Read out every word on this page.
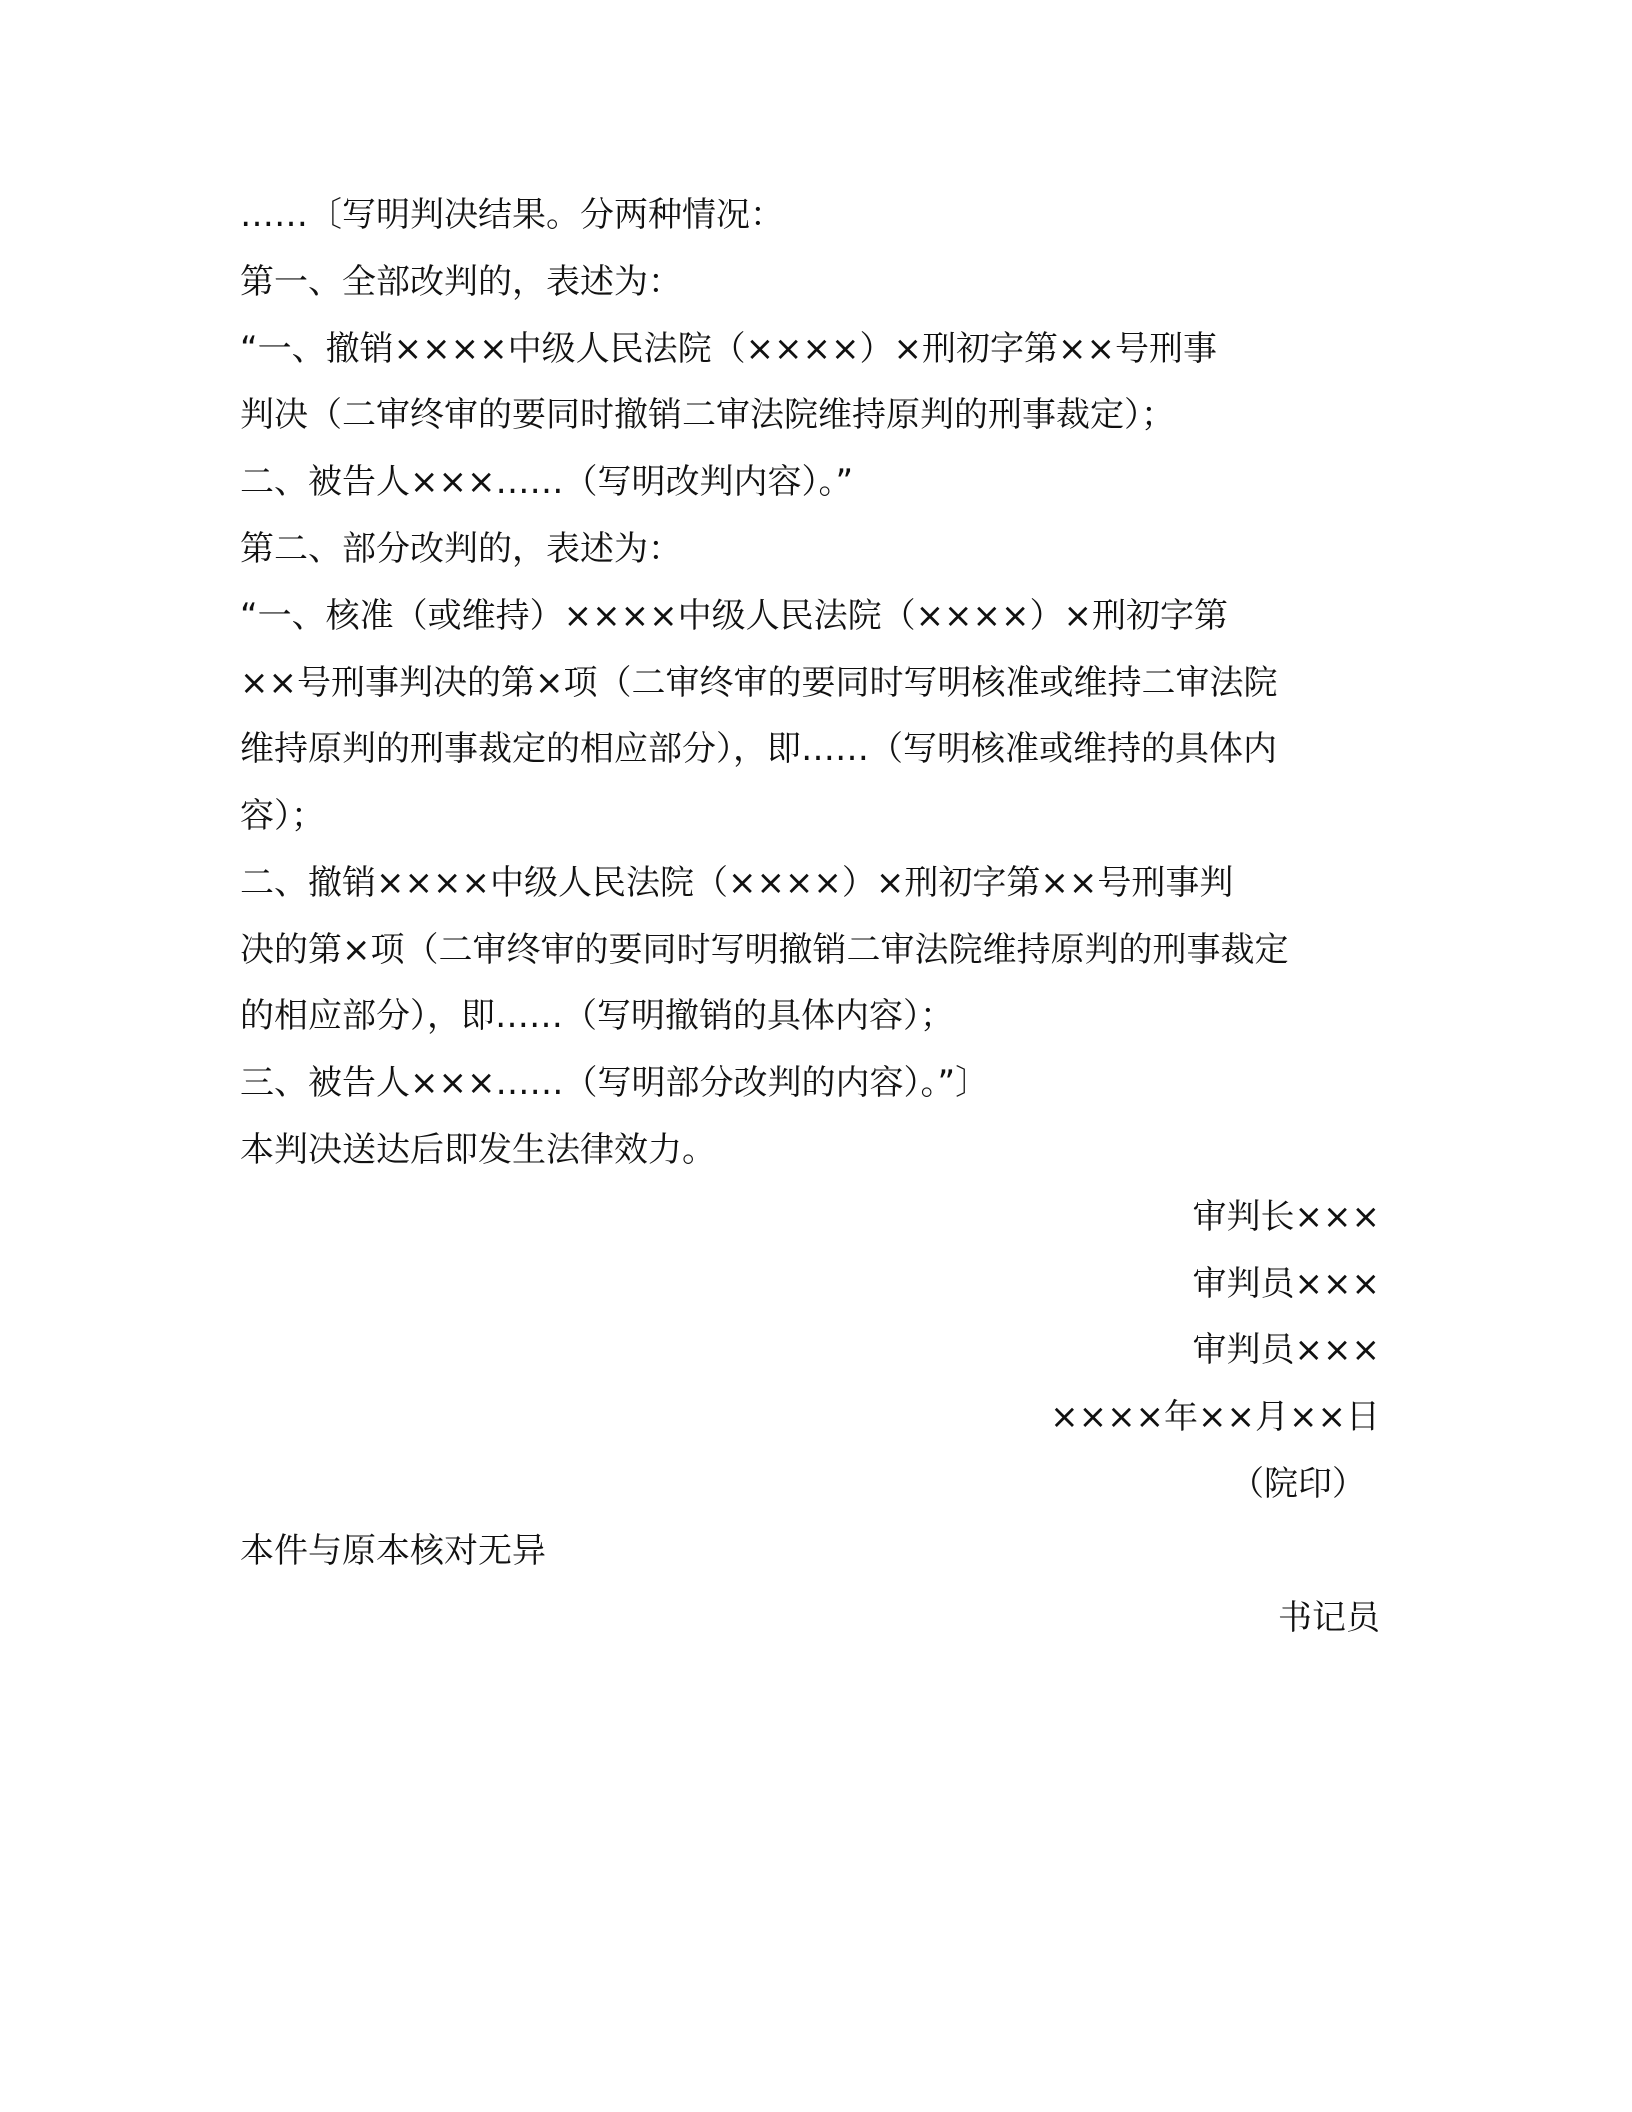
……〔写明判决结果。分两种情况：
第一、全部改判的，表述为：
“一、撤销××××中级人民法院（××××）×刑初字第××号刑事
判决（二审终审的要同时撤销二审法院维持原判的刑事裁定）；
二、被告人×××……（写明改判内容）。”
第二、部分改判的，表述为：
“一、核准（或维持）××××中级人民法院（××××）×刑初字第
××号刑事判决的第×项（二审终审的要同时写明核准或维持二审法院
维持原判的刑事裁定的相应部分），即……（写明核准或维持的具体内
容）；
二、撤销××××中级人民法院（××××）×刑初字第××号刑事判
决的第×项（二审终审的要同时写明撤销二审法院维持原判的刑事裁定
的相应部分），即……（写明撤销的具体内容）；
三、被告人×××……（写明部分改判的内容）。”〕
本判决送达后即发生法律效力。
审判长×××
审判员×××
审判员×××
××××年××月××日
（院印）
本件与原本核对无异
书记员
